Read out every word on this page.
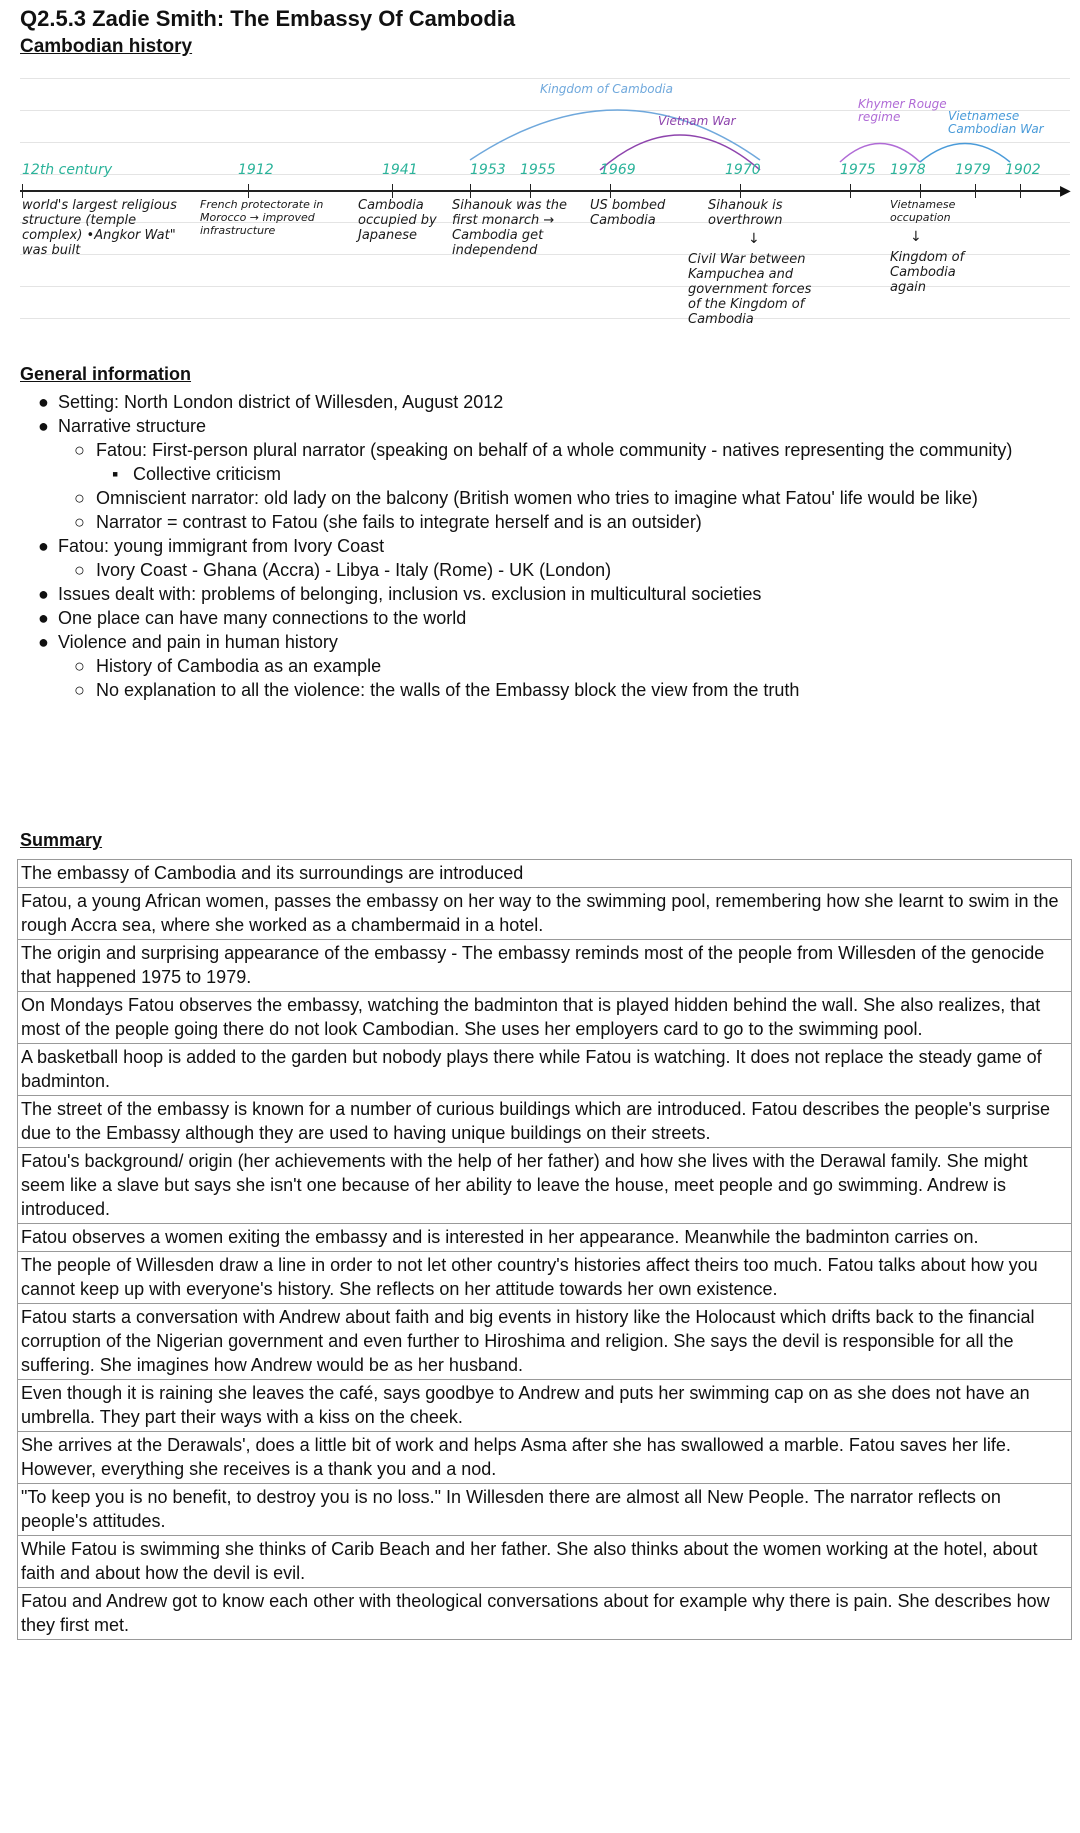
Q2.5.3 Zadie Smith: The Embassy Of Cambodia
Cambodian history
Kingdom of Cambodia
Vietnam War
Khymer Rouge regime	Vietnamese Cambodian War
▶
12th century	1912	1941	1953 1955	1969	1970	1975 1978 1979 1902
world's largest religious structure (temple complex) •Angkor Wat" was built
French protectorate in Morocco → improved infrastructure
Cambodia occupied by Japanese
Sihanouk was the first monarch → Cambodia get independend
US bombed Cambodia
Sihanouk is overthrown
↓
Civil War between Kampuchea and government forces of the Kingdom of Cambodia
Vietnamese occupation
↓
Kingdom of Cambodia again
General information
● Setting: North London district of Willesden, August 2012
● Narrative structure
○ Fatou: First-person plural narrator (speaking on behalf of a whole community - natives representing the community)
▪ Collective criticism
○ Omniscient narrator: old lady on the balcony (British women who tries to imagine what Fatou' life would be like)
○ Narrator = contrast to Fatou (she fails to integrate herself and is an outsider)
● Fatou: young immigrant from Ivory Coast
○ Ivory Coast - Ghana (Accra) - Libya - Italy (Rome) - UK (London)
● Issues dealt with: problems of belonging, inclusion vs. exclusion in multicultural societies
● One place can have many connections to the world
● Violence and pain in human history
○ History of Cambodia as an example
○ No explanation to all the violence: the walls of the Embassy block the view from the truth
Summary
The embassy of Cambodia and its surroundings are introduced
Fatou, a young African women, passes the embassy on her way to the swimming pool, remembering how she learnt to swim in the rough Accra sea, where she worked as a chambermaid in a hotel.
The origin and surprising appearance of the embassy - The embassy reminds most of the people from Willesden of the genocide that happened 1975 to 1979.
On Mondays Fatou observes the embassy, watching the badminton that is played hidden behind the wall. She also realizes, that most of the people going there do not look Cambodian. She uses her employers card to go to the swimming pool.
A basketball hoop is added to the garden but nobody plays there while Fatou is watching. It does not replace the steady game of badminton.
The street of the embassy is known for a number of curious buildings which are introduced. Fatou describes the people's surprise due to the Embassy although they are used to having unique buildings on their streets.
Fatou's background/ origin (her achievements with the help of her father) and how she lives with the Derawal family. She might seem like a slave but says she isn't one because of her ability to leave the house, meet people and go swimming. Andrew is introduced.
Fatou observes a women exiting the embassy and is interested in her appearance. Meanwhile the badminton carries on.
The people of Willesden draw a line in order to not let other country's histories affect theirs too much. Fatou talks about how you cannot keep up with everyone's history. She reflects on her attitude towards her own existence.
Fatou starts a conversation with Andrew about faith and big events in history like the Holocaust which drifts back to the financial corruption of the Nigerian government and even further to Hiroshima and religion. She says the devil is responsible for all the suffering. She imagines how Andrew would be as her husband.
Even though it is raining she leaves the café, says goodbye to Andrew and puts her swimming cap on as she does not have an umbrella. They part their ways with a kiss on the cheek.
She arrives at the Derawals', does a little bit of work and helps Asma after she has swallowed a marble. Fatou saves her life. However, everything she receives is a thank you and a nod.
"To keep you is no benefit, to destroy you is no loss." In Willesden there are almost all New People. The narrator reflects on people's attitudes.
While Fatou is swimming she thinks of Carib Beach and her father. She also thinks about the women working at the hotel, about faith and about how the devil is evil.
Fatou and Andrew got to know each other with theological conversations about for example why there is pain. She describes how they first met.
